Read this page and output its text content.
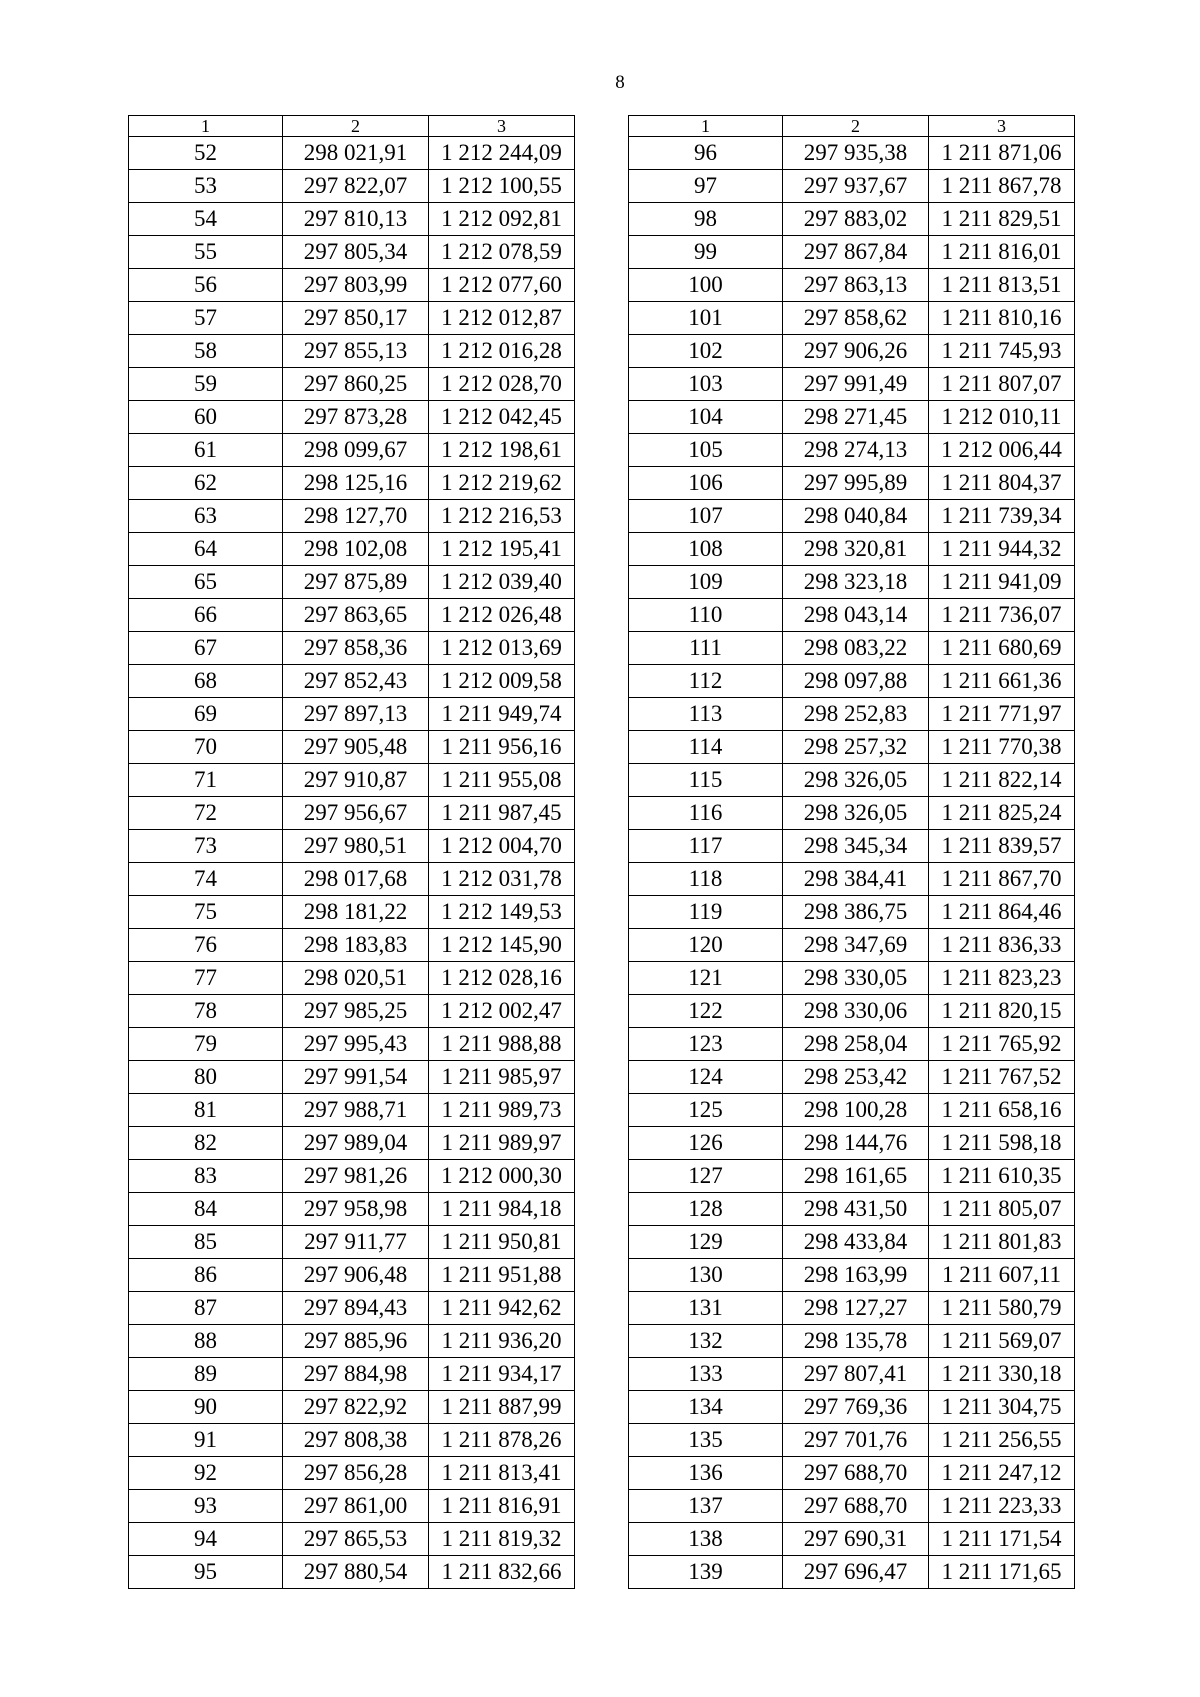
8
1	2	3
52	298 021,91	1 212 244,09
53	297 822,07	1 212 100,55
54	297 810,13	1 212 092,81
55	297 805,34	1 212 078,59
56	297 803,99	1 212 077,60
57	297 850,17	1 212 012,87
58	297 855,13	1 212 016,28
59	297 860,25	1 212 028,70
60	297 873,28	1 212 042,45
61	298 099,67	1 212 198,61
62	298 125,16	1 212 219,62
63	298 127,70	1 212 216,53
64	298 102,08	1 212 195,41
65	297 875,89	1 212 039,40
66	297 863,65	1 212 026,48
67	297 858,36	1 212 013,69
68	297 852,43	1 212 009,58
69	297 897,13	1 211 949,74
70	297 905,48	1 211 956,16
71	297 910,87	1 211 955,08
72	297 956,67	1 211 987,45
73	297 980,51	1 212 004,70
74	298 017,68	1 212 031,78
75	298 181,22	1 212 149,53
76	298 183,83	1 212 145,90
77	298 020,51	1 212 028,16
78	297 985,25	1 212 002,47
79	297 995,43	1 211 988,88
80	297 991,54	1 211 985,97
81	297 988,71	1 211 989,73
82	297 989,04	1 211 989,97
83	297 981,26	1 212 000,30
84	297 958,98	1 211 984,18
85	297 911,77	1 211 950,81
86	297 906,48	1 211 951,88
87	297 894,43	1 211 942,62
88	297 885,96	1 211 936,20
89	297 884,98	1 211 934,17
90	297 822,92	1 211 887,99
91	297 808,38	1 211 878,26
92	297 856,28	1 211 813,41
93	297 861,00	1 211 816,91
94	297 865,53	1 211 819,32
95	297 880,54	1 211 832,66
1	2	3
96	297 935,38	1 211 871,06
97	297 937,67	1 211 867,78
98	297 883,02	1 211 829,51
99	297 867,84	1 211 816,01
100	297 863,13	1 211 813,51
101	297 858,62	1 211 810,16
102	297 906,26	1 211 745,93
103	297 991,49	1 211 807,07
104	298 271,45	1 212 010,11
105	298 274,13	1 212 006,44
106	297 995,89	1 211 804,37
107	298 040,84	1 211 739,34
108	298 320,81	1 211 944,32
109	298 323,18	1 211 941,09
110	298 043,14	1 211 736,07
111	298 083,22	1 211 680,69
112	298 097,88	1 211 661,36
113	298 252,83	1 211 771,97
114	298 257,32	1 211 770,38
115	298 326,05	1 211 822,14
116	298 326,05	1 211 825,24
117	298 345,34	1 211 839,57
118	298 384,41	1 211 867,70
119	298 386,75	1 211 864,46
120	298 347,69	1 211 836,33
121	298 330,05	1 211 823,23
122	298 330,06	1 211 820,15
123	298 258,04	1 211 765,92
124	298 253,42	1 211 767,52
125	298 100,28	1 211 658,16
126	298 144,76	1 211 598,18
127	298 161,65	1 211 610,35
128	298 431,50	1 211 805,07
129	298 433,84	1 211 801,83
130	298 163,99	1 211 607,11
131	298 127,27	1 211 580,79
132	298 135,78	1 211 569,07
133	297 807,41	1 211 330,18
134	297 769,36	1 211 304,75
135	297 701,76	1 211 256,55
136	297 688,70	1 211 247,12
137	297 688,70	1 211 223,33
138	297 690,31	1 211 171,54
139	297 696,47	1 211 171,65
